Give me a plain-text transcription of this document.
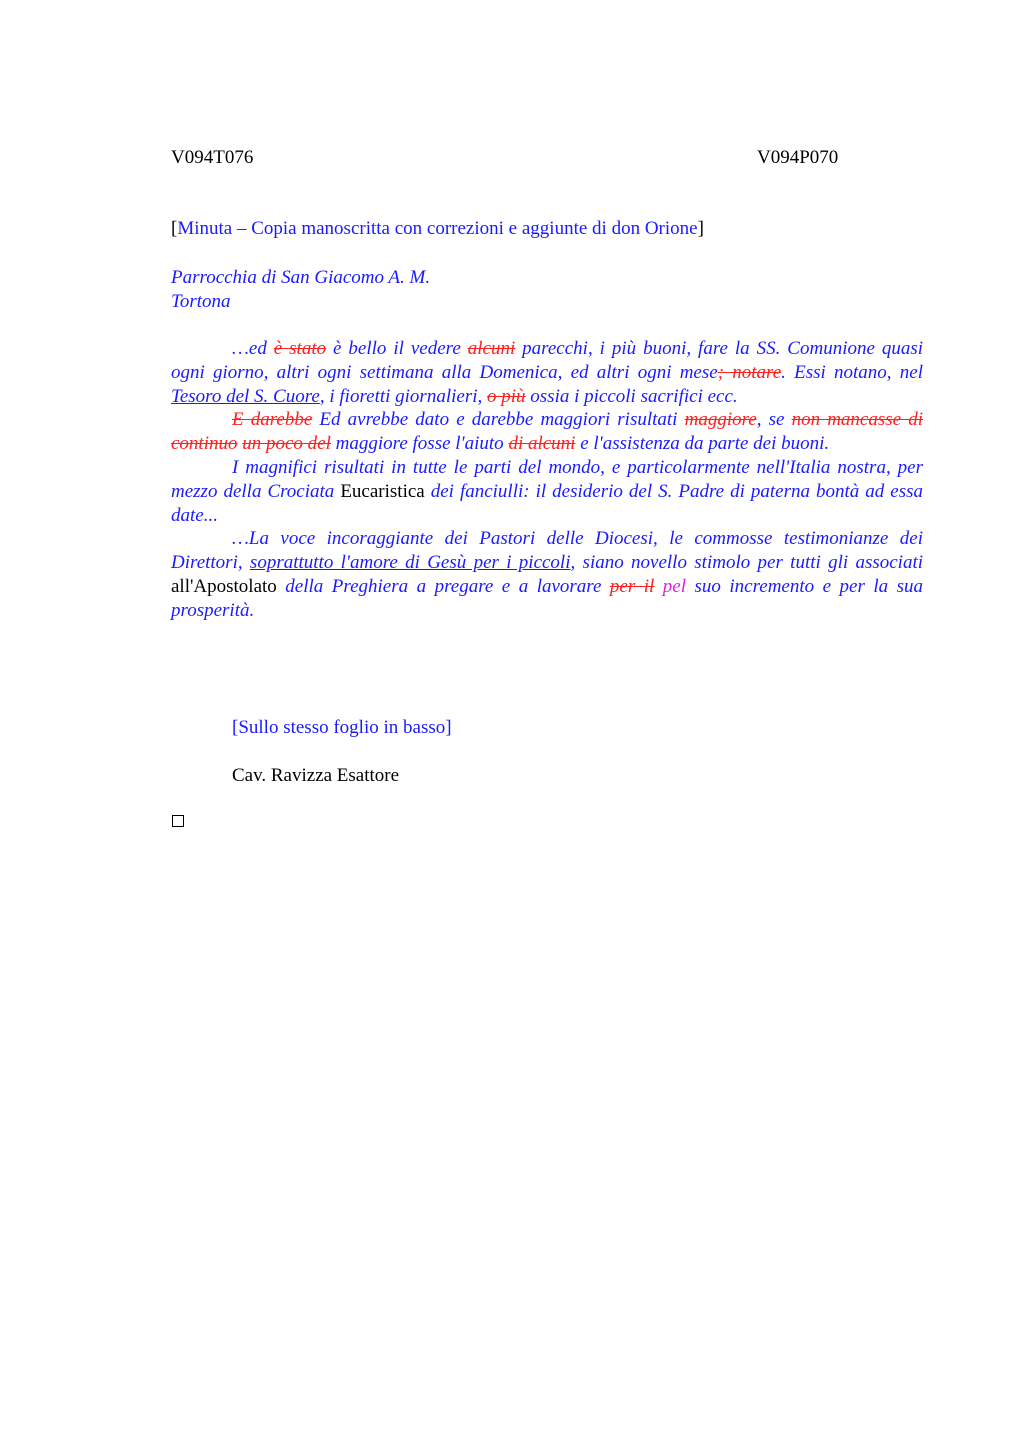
V094T076	V094P070
[Minuta – Copia manoscritta con correzioni e aggiunte di don Orione]
Parrocchia di San Giacomo A. M.
Tortona

…ed è stato è bello il vedere alcuni parecchi, i più buoni, fare la SS. Comunione quasi ogni giorno, altri ogni settimana alla Domenica, ed altri ogni mese; notare. Essi notano, nel Tesoro del S. Cuore, i fioretti giornalieri, o più ossia i piccoli sacrifici ecc.

E darebbe Ed avrebbe dato e darebbe maggiori risultati maggiore, se non mancasse di continuo un poco del maggiore fosse l'aiuto di alcuni e l'assistenza da parte dei buoni.

I magnifici risultati in tutte le parti del mondo, e particolarmente nell'Italia nostra, per mezzo della Crociata Eucaristica dei fanciulli: il desiderio del S. Padre di paterna bontà ad essa date...

…La voce incoraggiante dei Pastori delle Diocesi, le commosse testimonianze dei Direttori, soprattutto l'amore di Gesù per i piccoli, siano novello stimolo per tutti gli associati all'Apostolato della Preghiera a pregare e a lavorare per il pel suo incremento e per la sua prosperità.

[Sullo stesso foglio in basso]
Cav. Ravizza Esattore
